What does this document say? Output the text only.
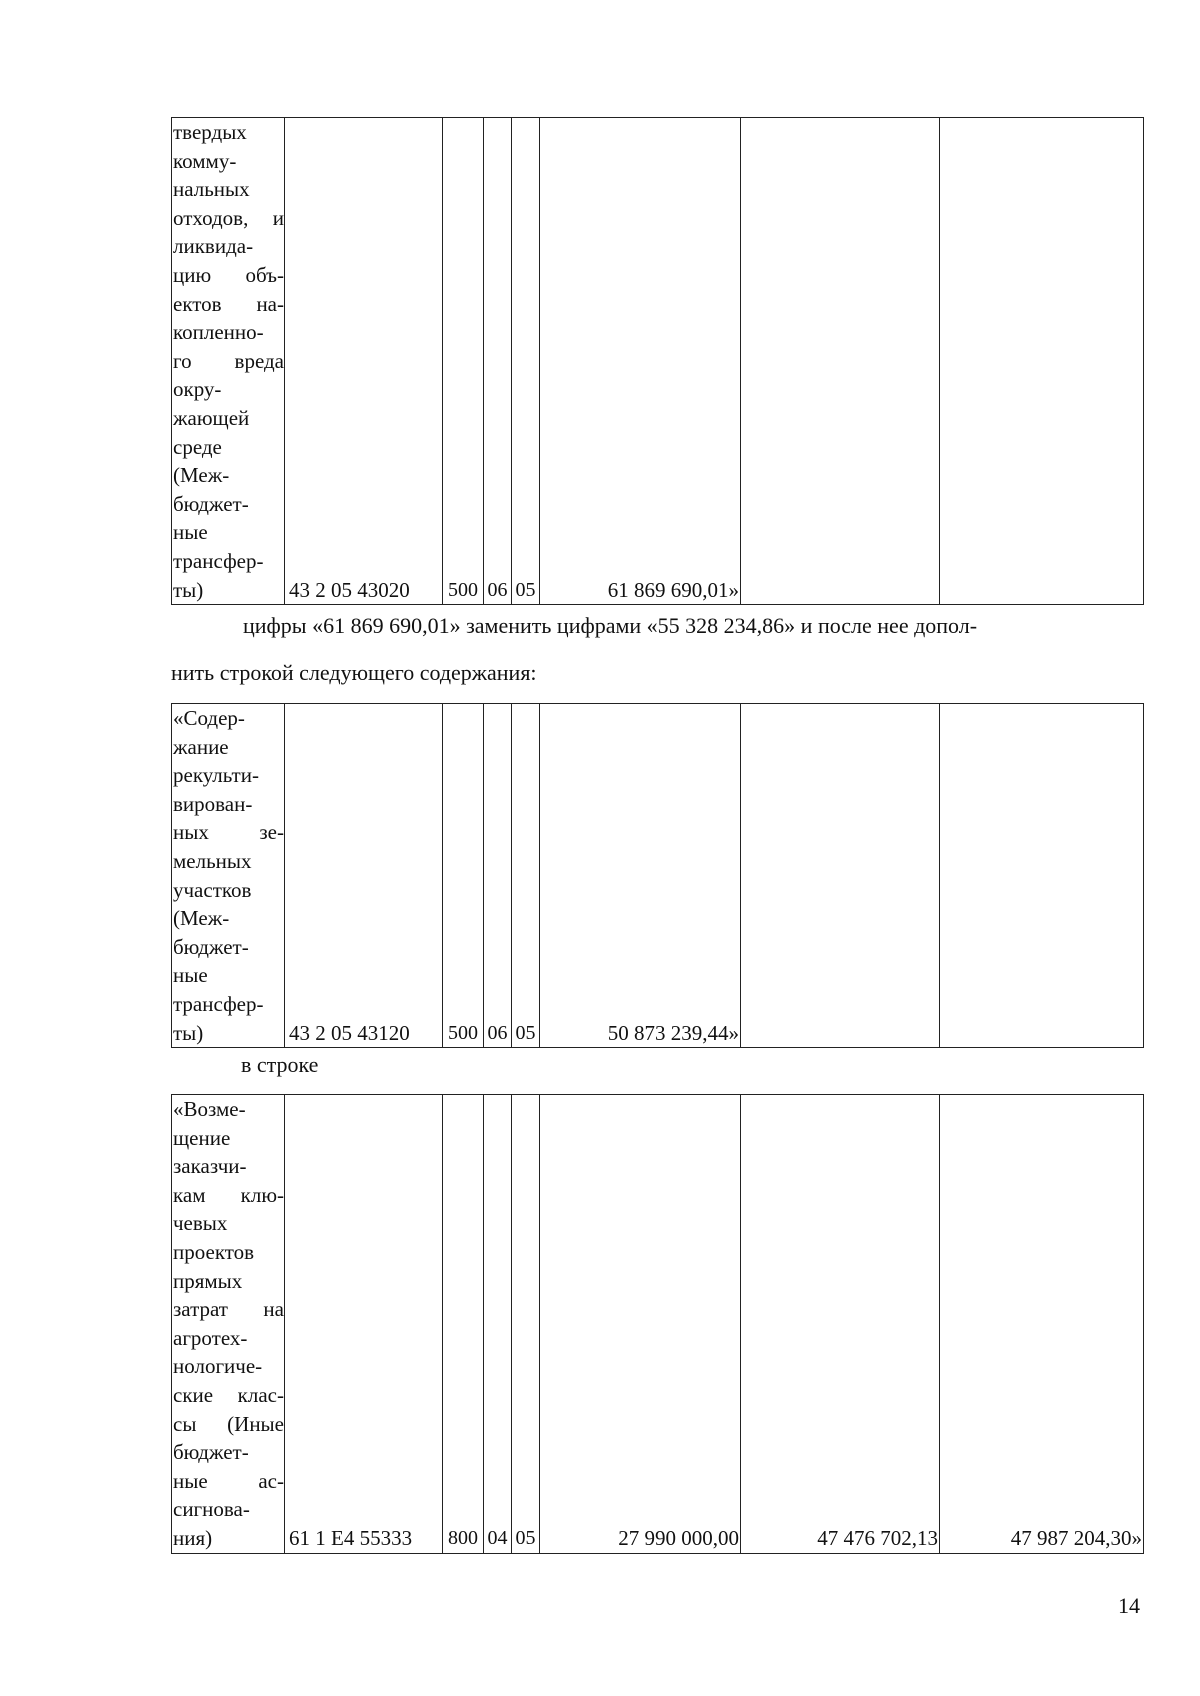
твердых
комму-
нальных
отходов, и
ликвида-
цию объ-
ектов на-
копленно-
го вреда
окру-
жающей
среде
(Меж-
бюджет-
ные
трансфер-
ты)	43 2 05 43020	500	06	05	61 869 690,01»		
цифры «61 869 690,01» заменить цифрами «55 328 234,86» и после нее допол-
нить строкой следующего содержания:
«Содер-
жание
рекульти-
вирован-
ных зе-
мельных
участков
(Меж-
бюджет-
ные
трансфер-
ты)	43 2 05 43120	500	06	05	50 873 239,44»		
в строке
«Возме-
щение
заказчи-
кам клю-
чевых
проектов
прямых
затрат на
агротех-
нологиче-
ские клас-
сы (Иные
бюджет-
ные ас-
сигнова-
ния)	61 1 E4 55333	800	04	05	27 990 000,00	47 476 702,13	47 987 204,30»
14
